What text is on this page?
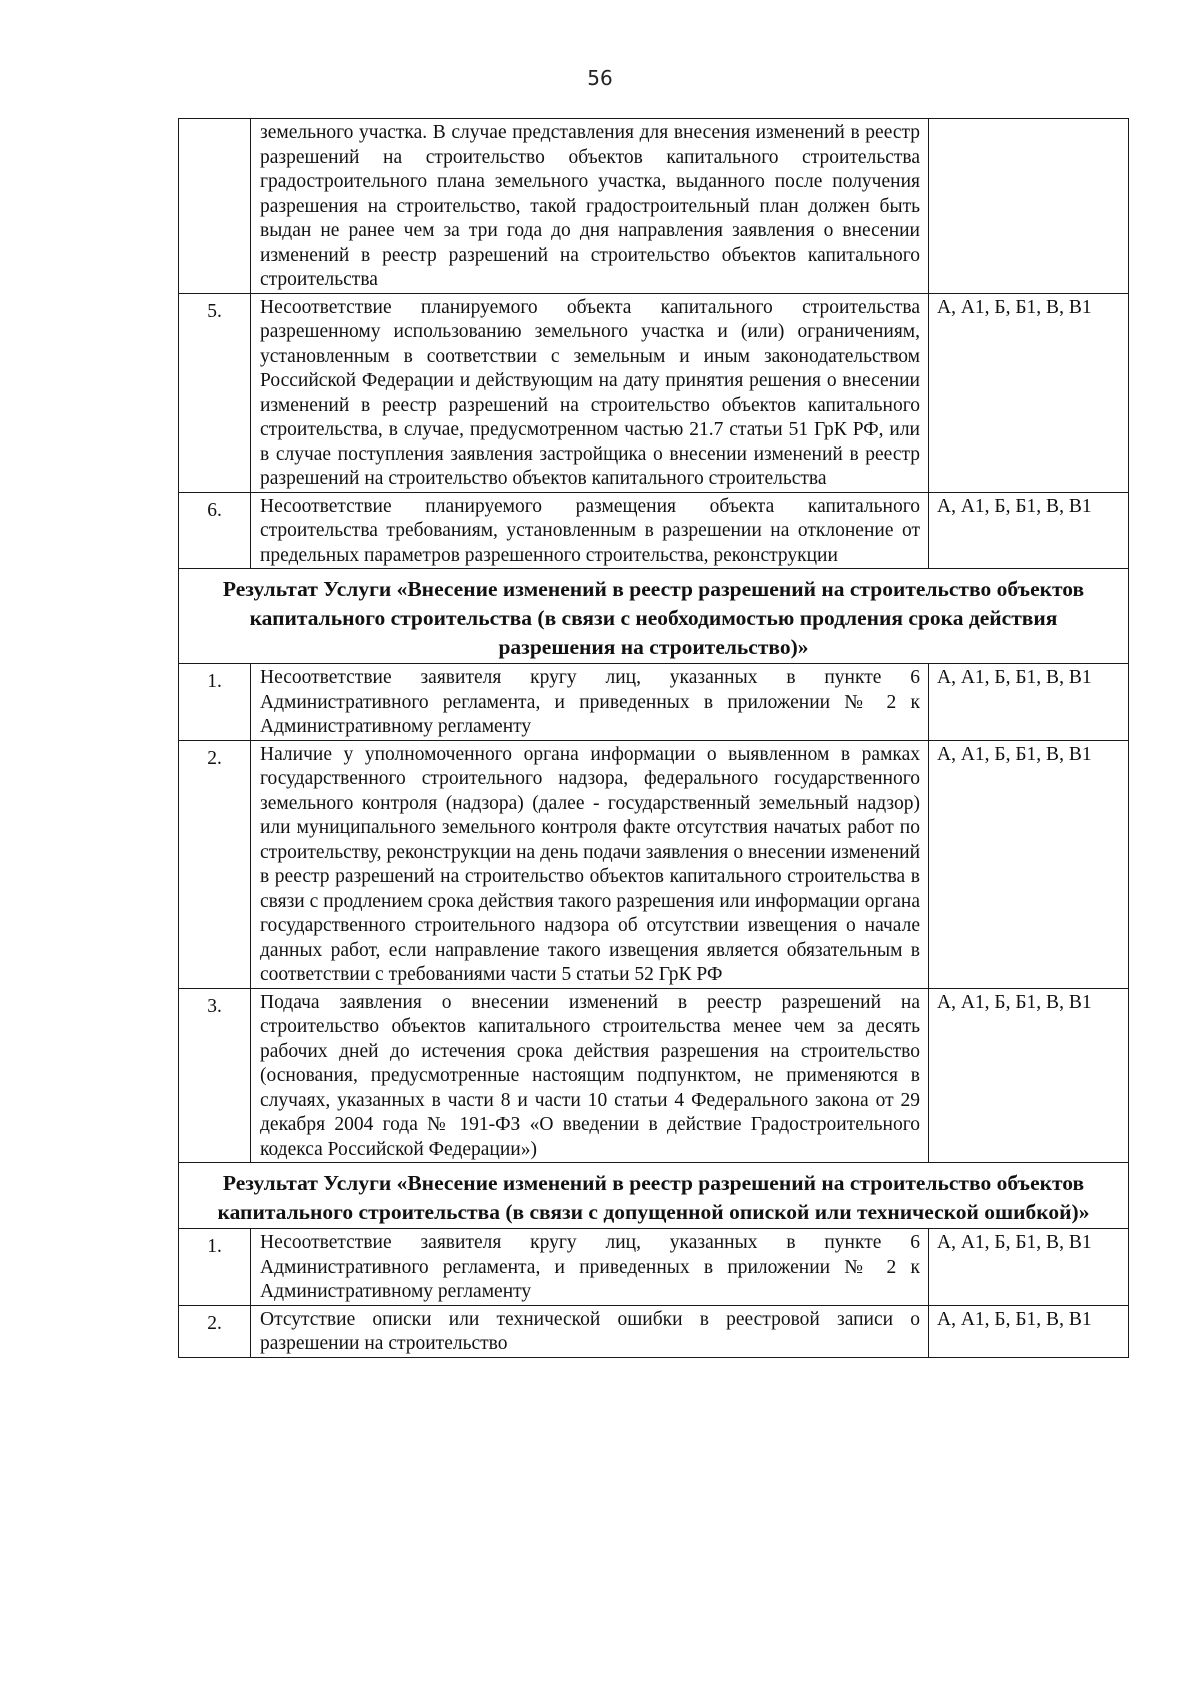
56
	земельного участка. В случае представления для внесения изменений в реестр разрешений на строительство объектов капитального строительства градостроительного плана земельного участка, выданного после получения разрешения на строительство, такой градостроительный план должен быть выдан не ранее чем за три года до дня направления заявления о внесении изменений в реестр разрешений на строительство объектов капитального строительства	
5.	Несоответствие планируемого объекта капитального строительства разрешенному использованию земельного участка и (или) ограничениям, установленным в соответствии с земельным и иным законодательством Российской Федерации и действующим на дату принятия решения о внесении изменений в реестр разрешений на строительство объектов капитального строительства, в случае, предусмотренном частью 21.7 статьи 51 ГрК РФ, или в случае поступления заявления застройщика о внесении изменений в реестр разрешений на строительство объектов капитального строительства	А, А1, Б, Б1, В, В1
6.	Несоответствие планируемого размещения объекта капитального строительства требованиям, установленным в разрешении на отклонение от предельных параметров разрешенного строительства, реконструкции	А, А1, Б, Б1, В, В1
Результат Услуги «Внесение изменений в реестр разрешений на строительство объектов капитального строительства (в связи с необходимостью продления срока действия разрешения на строительство)»		
1.	Несоответствие заявителя кругу лиц, указанных в пункте 6 Административного регламента, и приведенных в приложении № 2 к Административному регламенту	А, А1, Б, Б1, В, В1
2.	Наличие у уполномоченного органа информации о выявленном в рамках государственного строительного надзора, федерального государственного земельного контроля (надзора) (далее - государственный земельный надзор) или муниципального земельного контроля факте отсутствия начатых работ по строительству, реконструкции на день подачи заявления о внесении изменений в реестр разрешений на строительство объектов капитального строительства в связи с продлением срока действия такого разрешения или информации органа государственного строительного надзора об отсутствии извещения о начале данных работ, если направление такого извещения является обязательным в соответствии с требованиями части 5 статьи 52 ГрК РФ	А, А1, Б, Б1, В, В1
3.	Подача заявления о внесении изменений в реестр разрешений на строительство объектов капитального строительства менее чем за десять рабочих дней до истечения срока действия разрешения на строительство (основания, предусмотренные настоящим подпунктом, не применяются в случаях, указанных в части 8 и части 10 статьи 4 Федерального закона от 29 декабря 2004 года № 191-ФЗ «О введении в действие Градостроительного кодекса Российской Федерации»)	А, А1, Б, Б1, В, В1
Результат Услуги «Внесение изменений в реестр разрешений на строительство объектов капитального строительства (в связи с допущенной опиской или технической ошибкой)»		
1.	Несоответствие заявителя кругу лиц, указанных в пункте 6 Административного регламента, и приведенных в приложении № 2 к Административному регламенту	А, А1, Б, Б1, В, В1
2.	Отсутствие описки или технической ошибки в реестровой записи о разрешении на строительство	А, А1, Б, Б1, В, В1
